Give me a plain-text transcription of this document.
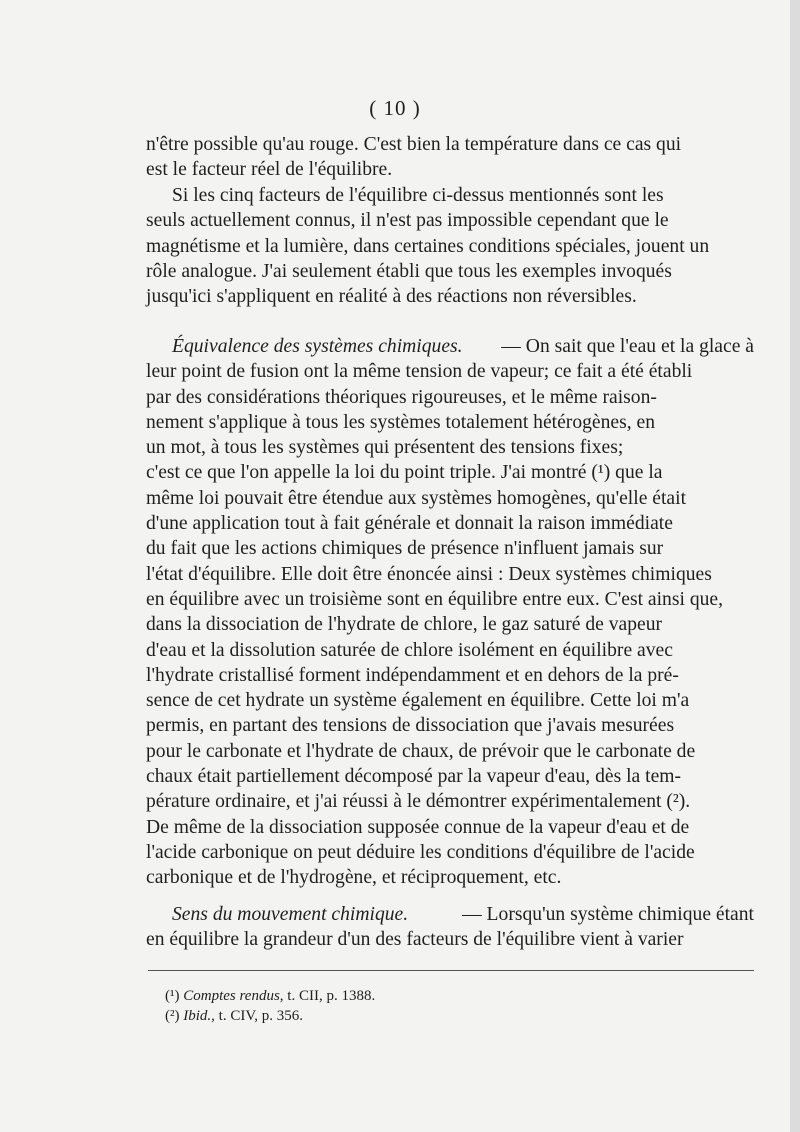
( 10 )
n'être possible qu'au rouge. C'est bien la température dans ce cas qui
est le facteur réel de l'équilibre.
Si les cinq facteurs de l'équilibre ci-dessus mentionnés sont les
seuls actuellement connus, il n'est pas impossible cependant que le
magnétisme et la lumière, dans certaines conditions spéciales, jouent un
rôle analogue. J'ai seulement établi que tous les exemples invoqués
jusqu'ici s'appliquent en réalité à des réactions non réversibles.
Équivalence des systèmes chimiques. — On sait que l'eau et la glace à
leur point de fusion ont la même tension de vapeur; ce fait a été établi
par des considérations théoriques rigoureuses, et le même raison-
nement s'applique à tous les systèmes totalement hétérogènes, en
un mot, à tous les systèmes qui présentent des tensions fixes;
c'est ce que l'on appelle la loi du point triple. J'ai montré (¹) que la
même loi pouvait être étendue aux systèmes homogènes, qu'elle était
d'une application tout à fait générale et donnait la raison immédiate
du fait que les actions chimiques de présence n'influent jamais sur
l'état d'équilibre. Elle doit être énoncée ainsi : Deux systèmes chimiques
en équilibre avec un troisième sont en équilibre entre eux. C'est ainsi que,
dans la dissociation de l'hydrate de chlore, le gaz saturé de vapeur
d'eau et la dissolution saturée de chlore isolément en équilibre avec
l'hydrate cristallisé forment indépendamment et en dehors de la pré-
sence de cet hydrate un système également en équilibre. Cette loi m'a
permis, en partant des tensions de dissociation que j'avais mesurées
pour le carbonate et l'hydrate de chaux, de prévoir que le carbonate de
chaux était partiellement décomposé par la vapeur d'eau, dès la tem-
pérature ordinaire, et j'ai réussi à le démontrer expérimentalement (²).
De même de la dissociation supposée connue de la vapeur d'eau et de
l'acide carbonique on peut déduire les conditions d'équilibre de l'acide
carbonique et de l'hydrogène, et réciproquement, etc.
Sens du mouvement chimique.	— Lorsqu'un système chimique étant
en équilibre la grandeur d'un des facteurs de l'équilibre vient à varier
(¹) Comptes rendus, t. CII, p. 1388.
(²) Ibid., t. CIV, p. 356.
